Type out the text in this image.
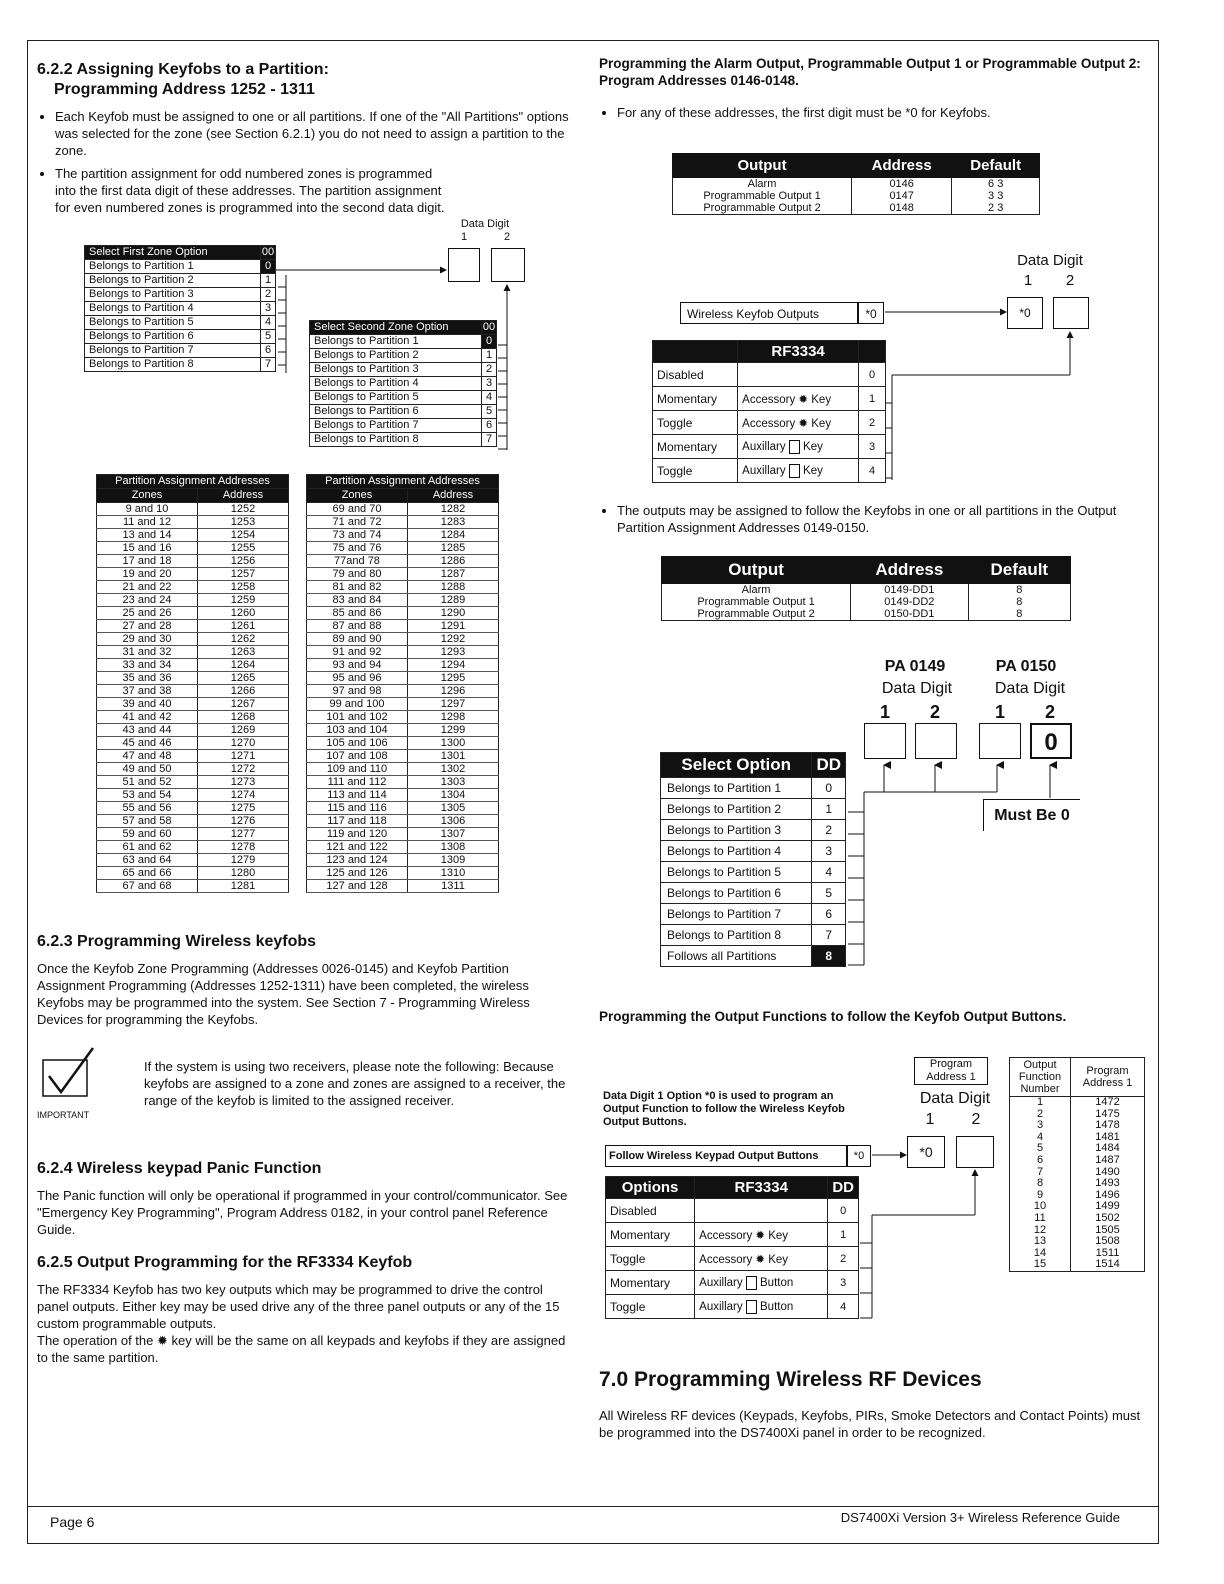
6.2.2 Assigning Keyfobs to a Partition:
Programming Address 1252 - 1311
• Each Keyfob must be assigned to one or all partitions. If one of the "All Partitions" options was selected for the zone (see Section 6.2.1) you do not need to assign a partition to the zone.
• The partition assignment for odd numbered zones is programmed into the first data digit of these addresses. The partition assignment for even numbered zones is programmed into the second data digit.
Data Digit
1	2
Select First Zone Option	00
Belongs to Partition 1	0
Belongs to Partition 2	1
Belongs to Partition 3	2
Belongs to Partition 4	3
Belongs to Partition 5	4
Belongs to Partition 6	5
Belongs to Partition 7	6
Belongs to Partition 8	7
Select Second Zone Option	00
Belongs to Partition 1	0
Belongs to Partition 2	1
Belongs to Partition 3	2
Belongs to Partition 4	3
Belongs to Partition 5	4
Belongs to Partition 6	5
Belongs to Partition 7	6
Belongs to Partition 8	7
Partition Assignment Addresses	
Zones	Address
9 and 10	1252
11 and 12	1253
13 and 14	1254
15 and 16	1255
17 and 18	1256
19 and 20	1257
21 and 22	1258
23 and 24	1259
25 and 26	1260
27 and 28	1261
29 and 30	1262
31 and 32	1263
33 and 34	1264
35 and 36	1265
37 and 38	1266
39 and 40	1267
41 and 42	1268
43 and 44	1269
45 and 46	1270
47 and 48	1271
49 and 50	1272
51 and 52	1273
53 and 54	1274
55 and 56	1275
57 and 58	1276
59 and 60	1277
61 and 62	1278
63 and 64	1279
65 and 66	1280
67 and 68	1281
Partition Assignment Addresses	
Zones	Address
69 and 70	1282
71 and 72	1283
73 and 74	1284
75 and 76	1285
77and 78	1286
79 and 80	1287
81 and 82	1288
83 and 84	1289
85 and 86	1290
87 and 88	1291
89 and 90	1292
91 and 92	1293
93 and 94	1294
95 and 96	1295
97 and 98	1296
99 and 100	1297
101 and 102	1298
103 and 104	1299
105 and 106	1300
107 and 108	1301
109 and 110	1302
111 and 112	1303
113 and 114	1304
115 and 116	1305
117 and 118	1306
119 and 120	1307
121 and 122	1308
123 and 124	1309
125 and 126	1310
127 and 128	1311
6.2.3 Programming Wireless keyfobs

Once the Keyfob Zone Programming (Addresses 0026-0145) and Keyfob Partition Assignment Programming (Addresses 1252-1311) have been completed, the wireless Keyfobs may be programmed into the system. See Section 7 - Programming Wireless Devices for programming the Keyfobs.

IMPORTANT

If the system is using two receivers, please note the following: Because keyfobs are assigned to a zone and zones are assigned to a receiver, the range of the keyfob is limited to the assigned receiver.

6.2.4 Wireless keypad Panic Function

The Panic function will only be operational if programmed in your control/communicator. See "Emergency Key Programming", Program Address 0182, in your control panel Reference Guide.

6.2.5 Output Programming for the RF3334 Keyfob

The RF3334 Keyfob has two key outputs which may be programmed to drive the control panel outputs. Either key may be used drive any of the three panel outputs or any of the 15 custom programmable outputs.

The operation of the ✹ key will be the same on all keypads and keyfobs if they are assigned to the same partition.

Programming the Alarm Output, Programmable Output 1 or Programmable Output 2: Program Addresses 0146-0148.

• For any of these addresses, the first digit must be *0 for Keyfobs.
Output	Address	Default
Alarm	0146	6 3
Programmable Output 1	0147	3 3
Programmable Output 2	0148	2 3
Data Digit
1	2
*0
Wireless Keyfob Outputs	*0
	RF3334	
Disabled		0
Momentary	Accessory ✹ Key	1
Toggle	Accessory ✹ Key	2
Momentary	Auxillary  Key	3
Toggle	Auxillary  Key	4
• The outputs may be assigned to follow the Keyfobs in one or all partitions in the Output Partition Assignment Addresses 0149-0150.
Output	Address	Default
Alarm	0149-DD1	8
Programmable Output 1	0149-DD2	8
Programmable Output 2	0150-DD1	8
PA 0149	PA 0150
Data Digit	Data Digit
1 2	1 2
0
Select Option	DD
Belongs to Partition 1	0
Belongs to Partition 2	1
Belongs to Partition 3	2
Belongs to Partition 4	3
Belongs to Partition 5	4
Belongs to Partition 6	5
Belongs to Partition 7	6
Belongs to Partition 8	7
Follows all Partitions	8
Must Be 0

Programming the Output Functions to follow the Keyfob Output Buttons.

Program Address 1
Data Digit
1	2
*0

Data Digit 1 Option *0 is used to program an Output Function to follow the Wireless Keyfob Output Buttons.

Follow Wireless Keypad Output Buttons	*0
Options	RF3334	DD
Disabled		0
Momentary	Accessory ✹ Key	1
Toggle	Accessory ✹ Key	2
Momentary	Auxillary  Button	3
Toggle	Auxillary  Button	4
Output Function Number	Program Address 1
1	1472
2	1475
3	1478
4	1481
5	1484
6	1487
7	1490
8	1493
9	1496
10	1499
11	1502
12	1505
13	1508
14	1511
15	1514
7.0 Programming Wireless RF Devices

All Wireless RF devices (Keypads, Keyfobs, PIRs, Smoke Detectors and Contact Points) must be programmed into the DS7400Xi panel in order to be recognized.

Page 6	DS7400Xi Version 3+ Wireless Reference Guide
